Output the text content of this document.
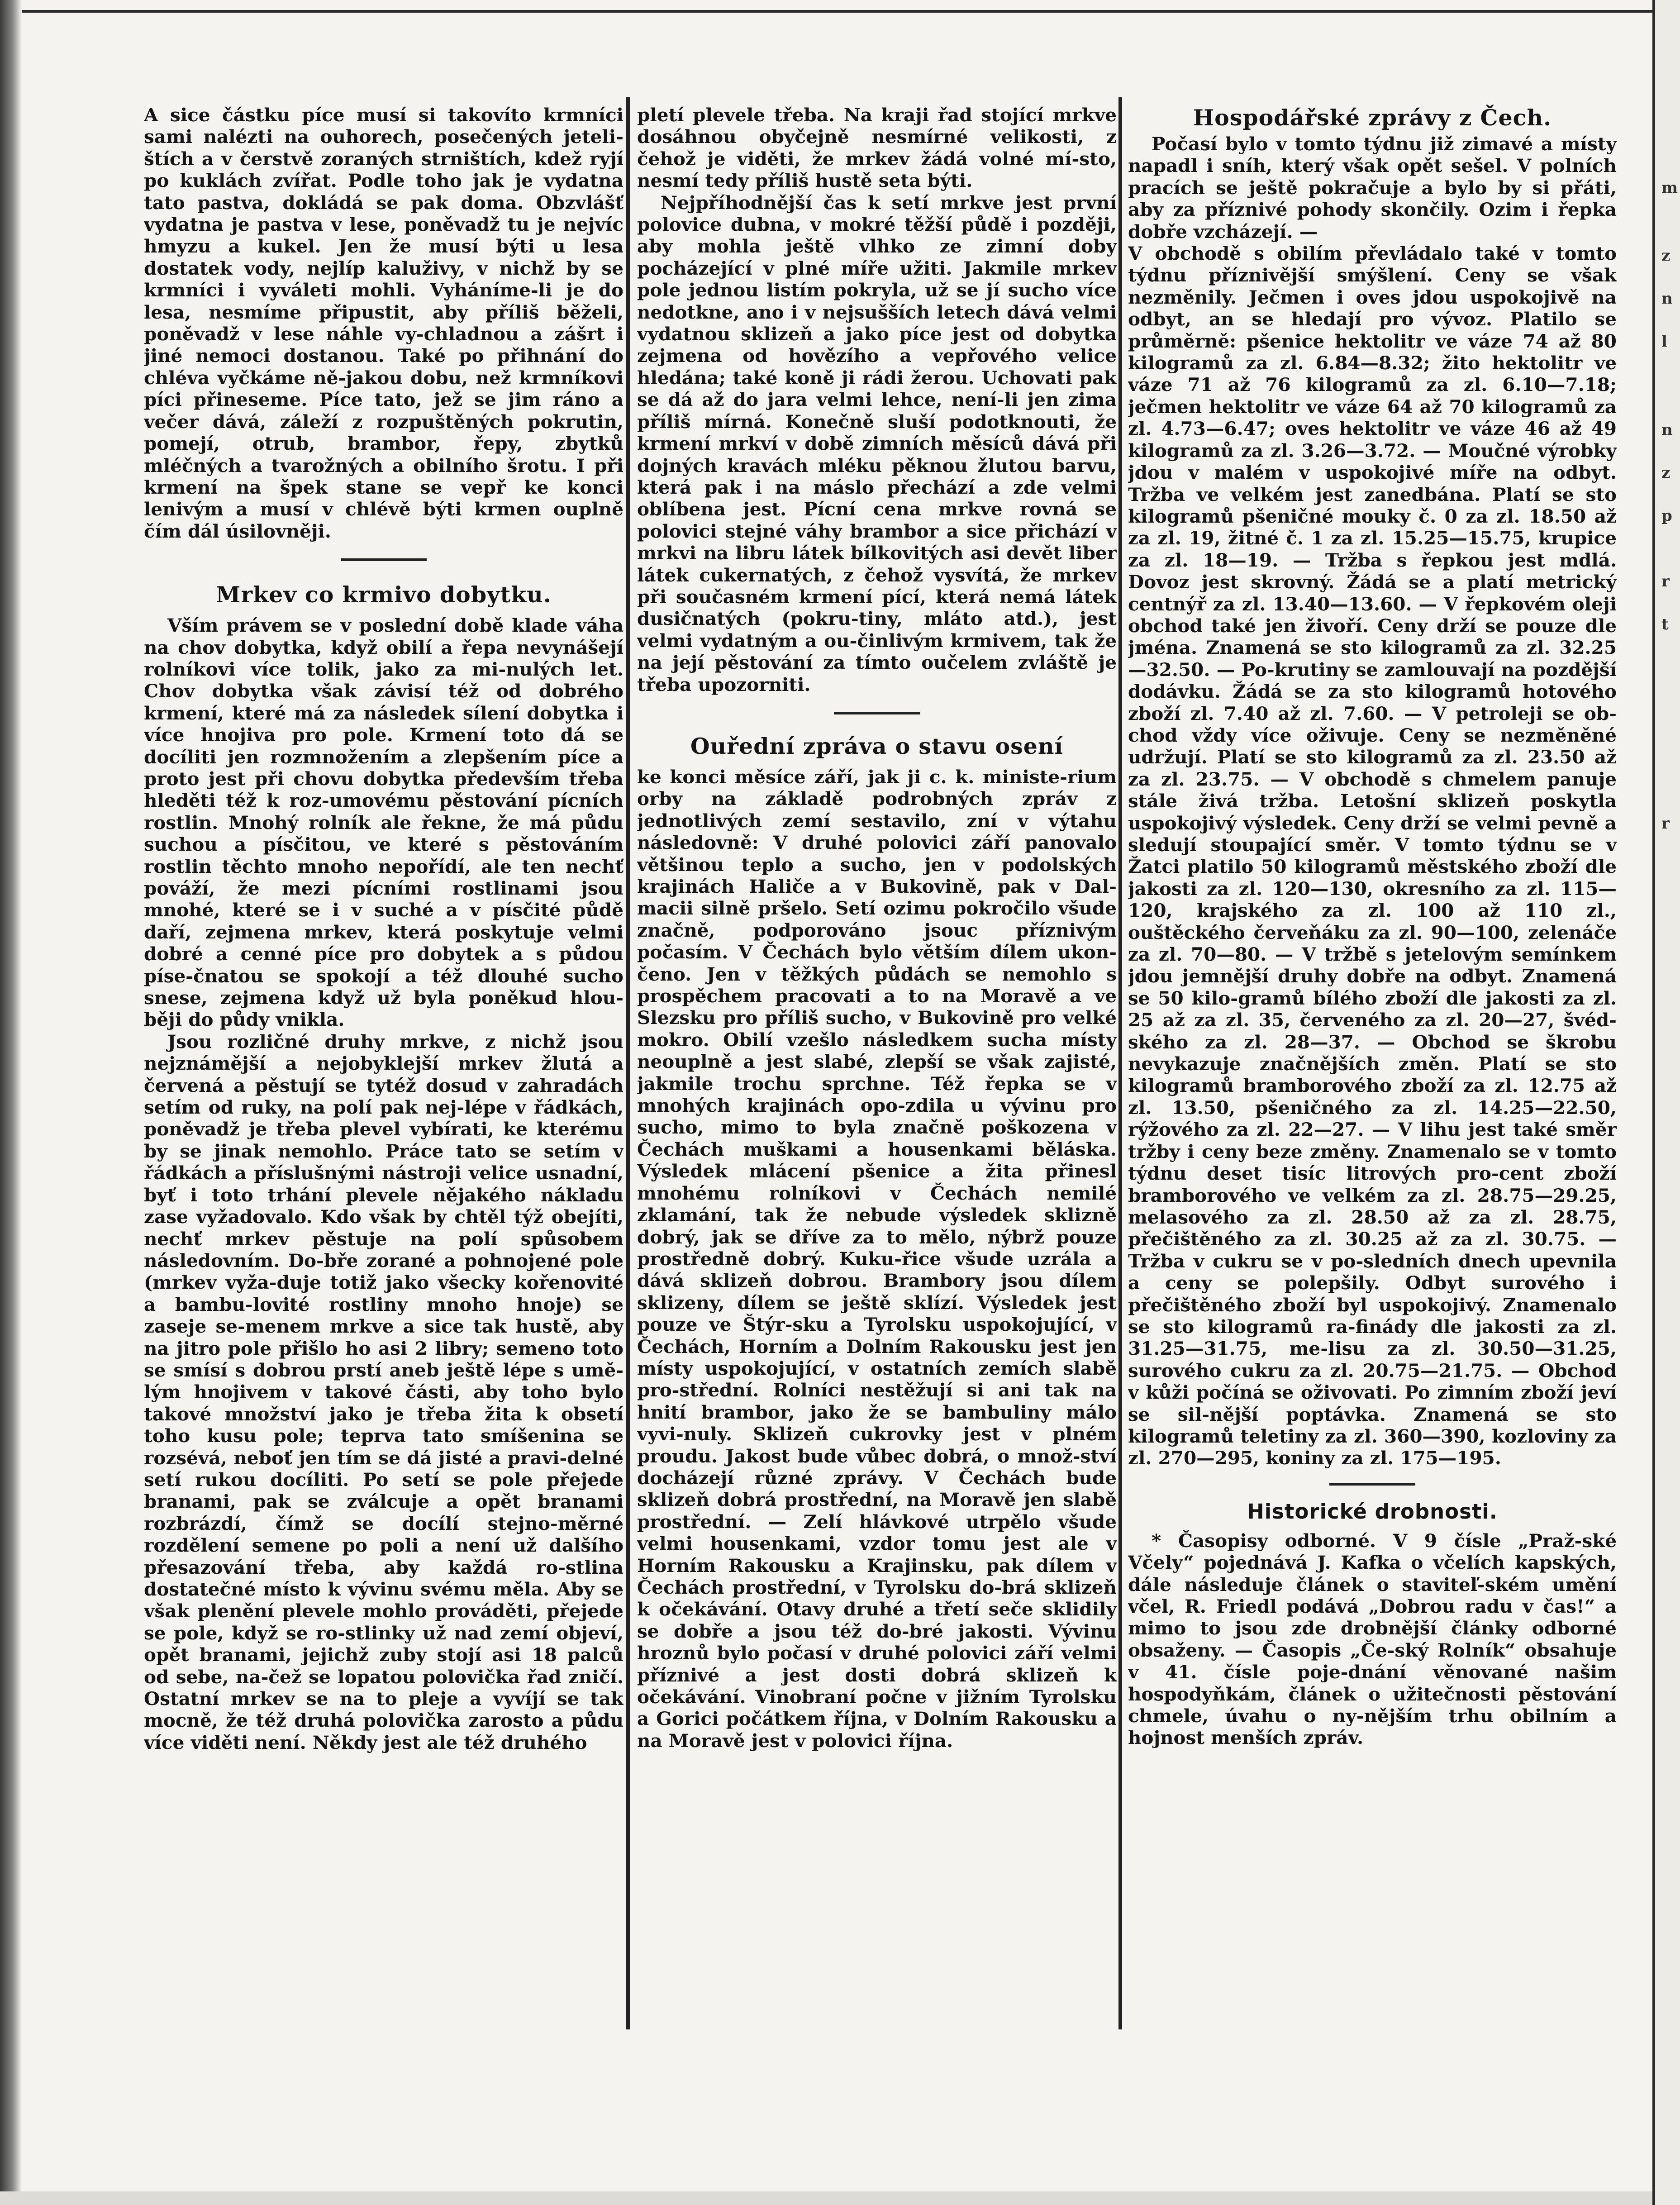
m
z
n
l
n
z
p
r
t
r

A sice částku píce musí si takovíto krmníci sami nalézti na ouhorech, posečených jeteli-štích a v čerstvě zoraných strništích, kdež ryjí po kuklách zvířat. Podle toho jak je vydatna tato pastva, dokládá se pak doma. Obzvlášť vydatna je pastva v lese, poněvadž tu je nejvíc hmyzu a kukel. Jen že musí býti u lesa dostatek vody, nejlíp kaluživy, v nichž by se krmníci i vyváleti mohli. Vyháníme-li je do lesa, nesmíme připustit, aby příliš běželi, poněvadž v lese náhle vy-chladnou a zášrt i jiné nemoci dostanou. Také po přihnání do chléva vyčkáme ně-jakou dobu, než krmníkovi píci přineseme. Píce tato, jež se jim ráno a večer dává, záleží z rozpuštěných pokrutin, pomejí, otrub, brambor, řepy, zbytků mléčných a tvarožných a obilního šrotu. I při krmení na špek stane se vepř ke konci lenivým a musí v chlévě býti krmen ouplně čím dál úsilovněji.

Mrkev co krmivo dobytku.

Vším právem se v poslední době klade váha na chov dobytka, když obilí a řepa nevynášejí rolníkovi více tolik, jako za mi-nulých let. Chov dobytka však závisí též od dobrého krmení, které má za následek sílení dobytka i více hnojiva pro pole. Krmení toto dá se docíliti jen rozmnožením a zlepšením píce a proto jest při chovu dobytka především třeba hleděti též k roz-umovému pěstování pícních rostlin. Mnohý rolník ale řekne, že má půdu suchou a písčitou, ve které s pěstováním rostlin těchto mnoho nepořídí, ale ten nechť pováží, že mezi pícními rostlinami jsou mnohé, které se i v suché a v písčité půdě daří, zejmena mrkev, která poskytuje velmi dobré a cenné píce pro dobytek a s půdou píse-čnatou se spokojí a též dlouhé sucho snese, zejmena když už byla poněkud hlou-běji do půdy vnikla.

Jsou rozličné druhy mrkve, z nichž jsou nejznámější a nejobyklejší mrkev žlutá a červená a pěstují se tytéž dosud v zahradách setím od ruky, na polí pak nej-lépe v řádkách, poněvadž je třeba plevel vybírati, ke kterému by se jinak nemohlo. Práce tato se setím v řádkách a příslušnými nástroji velice usnadní, byť i toto trhání plevele nějakého nákladu zase vyžadovalo. Kdo však by chtěl týž obejíti, nechť mrkev pěstuje na polí spůsobem následovním. Do-bře zorané a pohnojené pole (mrkev vyža-duje totiž jako všecky kořenovité a bambu-lovité rostliny mnoho hnoje) se zaseje se-menem mrkve a sice tak hustě, aby na jitro pole přišlo ho asi 2 libry; semeno toto se smísí s dobrou prstí aneb ještě lépe s umě-lým hnojivem v takové části, aby toho bylo takové množství jako je třeba žita k obsetí toho kusu pole; teprva tato smíšenina se rozsévá, neboť jen tím se dá jisté a pravi-delné setí rukou docíliti. Po setí se pole přejede branami, pak se zválcuje a opět branami rozbrázdí, čímž se docílí stejno-měrné rozdělení semene po poli a není už dalšího přesazování třeba, aby každá ro-stlina dostatečné místo k vývinu svému měla. Aby se však plenění plevele mohlo prováděti, přejede se pole, když se ro-stlinky už nad zemí objeví, opět branami, jejichž zuby stojí asi 18 palců od sebe, na-čež se lopatou polovička řad zničí. Ostatní mrkev se na to pleje a vyvíjí se tak mocně, že též druhá polovička zarosto a půdu více viděti není. Někdy jest ale též druhého

pletí plevele třeba. Na kraji řad stojící mrkve dosáhnou obyčejně nesmírné velikosti, z čehož je viděti, že mrkev žádá volné mí-sto, nesmí tedy příliš hustě seta býti.

Nejpříhodnější čas k setí mrkve jest první polovice dubna, v mokré těžší půdě i později, aby mohla ještě vlhko ze zimní doby pocházející v plné míře užiti. Jakmile mrkev pole jednou listím pokryla, už se jí sucho více nedotkne, ano i v nejsušších letech dává velmi vydatnou sklizeň a jako píce jest od dobytka zejmena od hovězího a vepřového velice hledána; také koně ji rádi žerou. Uchovati pak se dá až do jara velmi lehce, není-li jen zima příliš mírná. Konečně sluší podotknouti, že krmení mrkví v době zimních měsíců dává při dojných kravách mléku pěknou žlutou barvu, která pak i na máslo přechází a zde velmi oblíbena jest. Pícní cena mrkve rovná se polovici stejné váhy brambor a sice přichází v mrkvi na libru látek bílkovitých asi devět liber látek cukernatých, z čehož vysvítá, že mrkev při současném krmení pící, která nemá látek dusičnatých (pokru-tiny, mláto atd.), jest velmi vydatným a ou-činlivým krmivem, tak že na její pěstování za tímto oučelem zvláště je třeba upozorniti.

Ouřední zpráva o stavu osení

ke konci měsíce září, jak ji c. k. ministe-rium orby na základě podrobných zpráv z jednotlivých zemí sestavilo, zní v výtahu následovně: V druhé polovici září panovalo většinou teplo a sucho, jen v podolských krajinách Haliče a v Bukovině, pak v Dal-macii silně pršelo. Setí ozimu pokročilo všude značně, podporováno jsouc příznivým počasím. V Čechách bylo větším dílem ukon-čeno. Jen v těžkých půdách se nemohlo s prospěchem pracovati a to na Moravě a ve Slezsku pro příliš sucho, v Bukovině pro velké mokro. Obilí vzešlo následkem sucha místy neouplně a jest slabé, zlepší se však zajisté, jakmile trochu sprchne. Též řepka se v mnohých krajinách opo-zdila u vývinu pro sucho, mimo to byla značně poškozena v Čechách muškami a housenkami běláska. Výsledek mlácení pšenice a žita přinesl mnohému rolníkovi v Čechách nemilé zklamání, tak že nebude výsledek sklizně dobrý, jak se dříve za to mělo, nýbrž pouze prostředně dobrý. Kuku-řice všude uzrála a dává sklizeň dobrou. Brambory jsou dílem sklizeny, dílem se ještě sklízí. Výsledek jest pouze ve Štýr-sku a Tyrolsku uspokojující, v Čechách, Horním a Dolním Rakousku jest jen místy uspokojující, v ostatních zemích slabě pro-střední. Rolníci nestěžují si ani tak na hnití brambor, jako že se bambuliny málo vyvi-nuly. Sklizeň cukrovky jest v plném proudu. Jakost bude vůbec dobrá, o množ-ství docházejí různé zprávy. V Čechách bude sklizeň dobrá prostřední, na Moravě jen slabě prostřední. — Zelí hlávkové utrpělo všude velmi housenkami, vzdor tomu jest ale v Horním Rakousku a Krajinsku, pak dílem v Čechách prostřední, v Tyrolsku do-brá sklizeň k očekávání. Otavy druhé a třetí seče sklidily se dobře a jsou též do-bré jakosti. Vývinu hroznů bylo počasí v druhé polovici září velmi příznivé a jest dosti dobrá sklizeň k očekávání. Vinobraní počne v jižním Tyrolsku a Gorici počátkem října, v Dolním Rakousku a na Moravě jest v polovici října.

Hospodářské zprávy z Čech.

Počasí bylo v tomto týdnu již zimavé a místy napadl i sníh, který však opět sešel. V polních pracích se ještě pokračuje a bylo by si přáti, aby za příznivé pohody skončily. Ozim i řepka dobře vzcházejí. —

V obchodě s obilím převládalo také v tomto týdnu příznivější smýšlení. Ceny se však nezměnily. Ječmen i oves jdou uspokojivě na odbyt, an se hledají pro vývoz. Platilo se průměrně: pšenice hektolitr ve váze 74 až 80 kilogramů za zl. 6.84—8.32; žito hektolitr ve váze 71 až 76 kilogramů za zl. 6.10—7.18; ječmen hektolitr ve váze 64 až 70 kilogramů za zl. 4.73—6.47; oves hektolitr ve váze 46 až 49 kilogramů za zl. 3.26—3.72. — Moučné výrobky jdou v malém v uspokojivé míře na odbyt. Tržba ve velkém jest zanedbána. Platí se sto kilogramů pšeničné mouky č. 0 za zl. 18.50 až za zl. 19, žitné č. 1 za zl. 15.25—15.75, krupice za zl. 18—19. — Tržba s řepkou jest mdlá. Dovoz jest skrovný. Žádá se a platí metrický centnýř za zl. 13.40—13.60. — V řepkovém oleji obchod také jen živoří. Ceny drží se pouze dle jména. Znamená se sto kilogramů za zl. 32.25—32.50. — Po-krutiny se zamlouvají na pozdější dodávku. Žádá se za sto kilogramů hotového zboží zl. 7.40 až zl. 7.60. — V petroleji se ob-chod vždy více oživuje. Ceny se nezměněné udržují. Platí se sto kilogramů za zl. 23.50 až za zl. 23.75. — V obchodě s chmelem panuje stále živá tržba. Letošní sklizeň poskytla uspokojivý výsledek. Ceny drží se velmi pevně a sledují stoupající směr. V tomto týdnu se v Žatci platilo 50 kilogramů městského zboží dle jakosti za zl. 120—130, okresního za zl. 115—120, krajského za zl. 100 až 110 zl., ouštěckého červeňáku za zl. 90—100, zelenáče za zl. 70—80. — V tržbě s jetelovým semínkem jdou jemnější druhy dobře na odbyt. Znamená se 50 kilo-gramů bílého zboží dle jakosti za zl. 25 až za zl. 35, červeného za zl. 20—27, švéd-ského za zl. 28—37. — Obchod se škrobu nevykazuje značnějších změn. Platí se sto kilogramů bramborového zboží za zl. 12.75 až zl. 13.50, pšeničného za zl. 14.25—22.50, rýžového za zl. 22—27. — V lihu jest také směr tržby i ceny beze změny. Znamenalo se v tomto týdnu deset tisíc litrových pro-cent zboží bramborového ve velkém za zl. 28.75—29.25, melasového za zl. 28.50 až za zl. 28.75, přečištěného za zl. 30.25 až za zl. 30.75. — Tržba v cukru se v po-sledních dnech upevnila a ceny se polepšily. Odbyt surového i přečištěného zboží byl uspokojivý. Znamenalo se sto kilogramů ra-finády dle jakosti za zl. 31.25—31.75, me-lisu za zl. 30.50—31.25, surového cukru za zl. 20.75—21.75. — Obchod v kůži počíná se oživovati. Po zimním zboží jeví se sil-nější poptávka. Znamená se sto kilogramů teletiny za zl. 360—390, kozloviny za zl. 270—295, koniny za zl. 175—195.

Historické drobnosti.

* Časopisy odborné. V 9 čísle „Praž-ské Včely“ pojednává J. Kafka o včelích kapských, dále následuje článek o staviteľ-ském umění včel, R. Friedl podává „Dobrou radu v čas!“ a mimo to jsou zde drobnější články odborné obsaženy. — Časopis „Če-ský Rolník“ obsahuje v 41. čísle poje-dnání věnované našim hospodyňkám, článek o užitečnosti pěstování chmele, úvahu o ny-nějším trhu obilním a hojnost menších zpráv.
